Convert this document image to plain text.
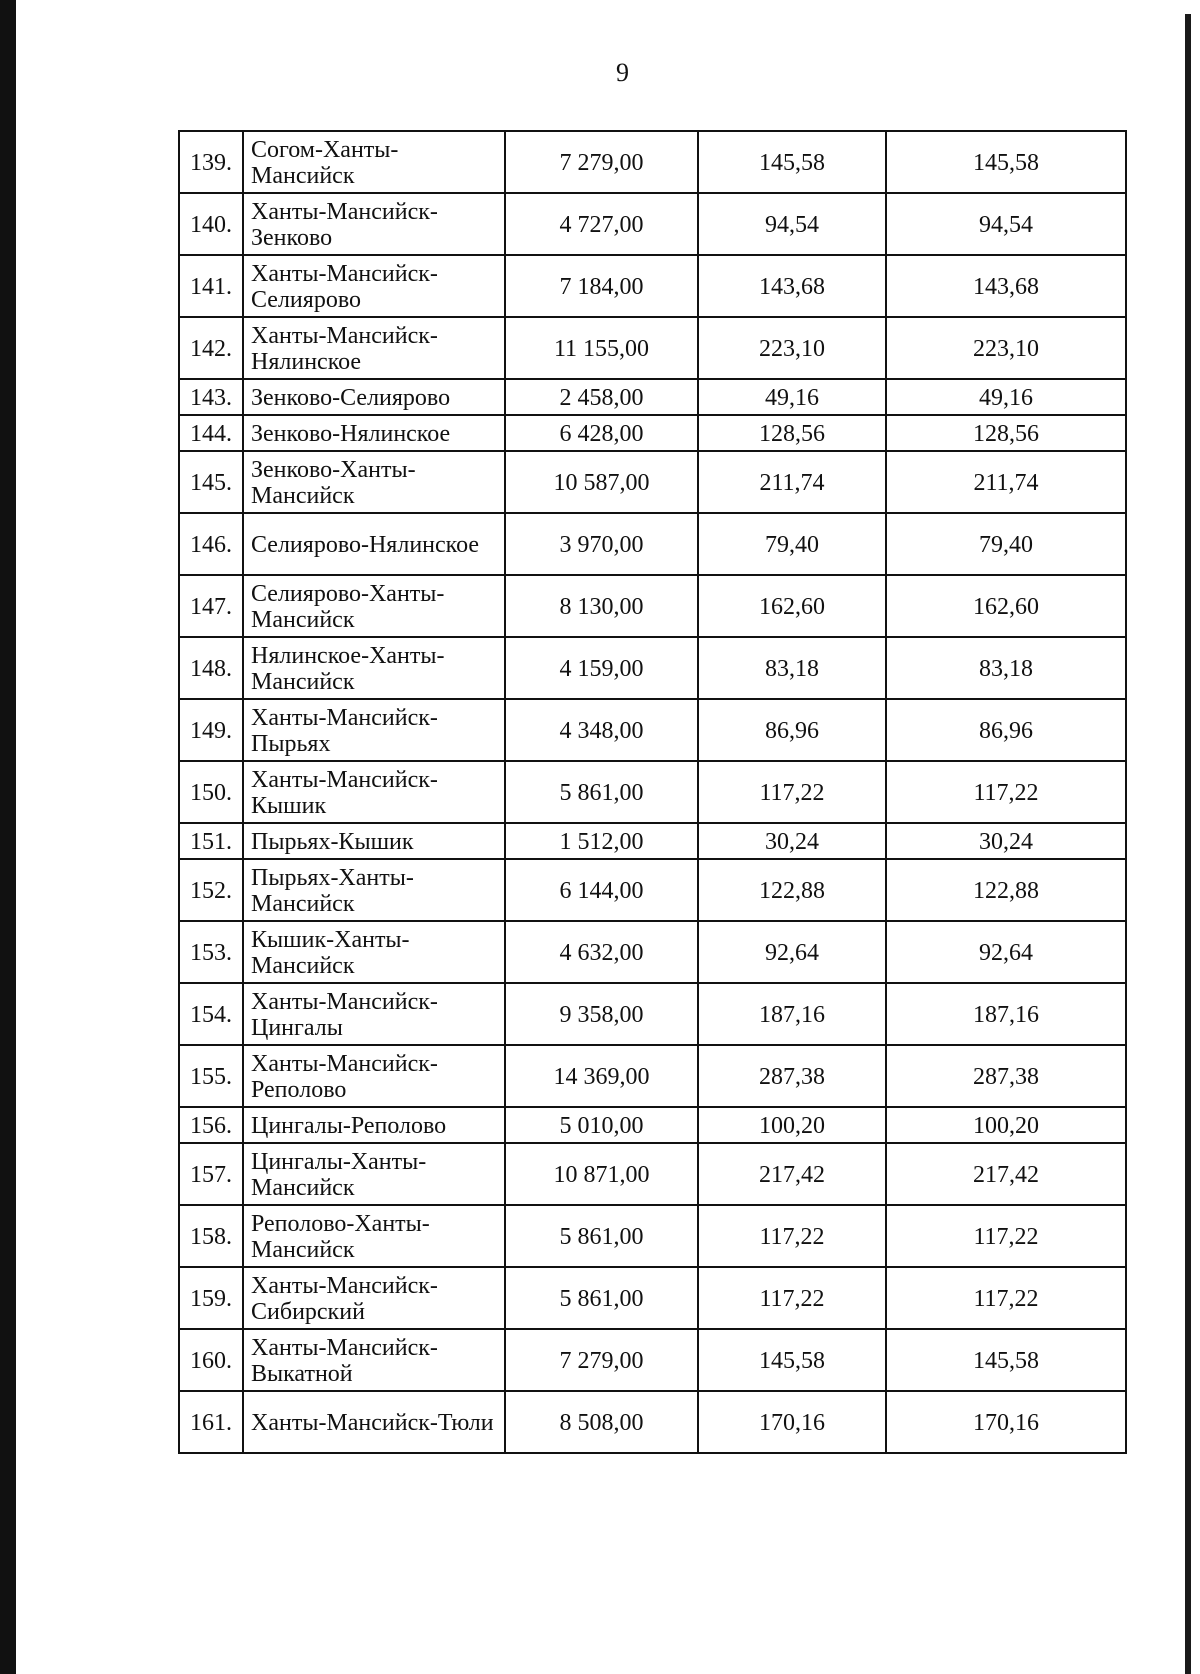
9
139.	Согом-Ханты-Мансийск	7 279,00	145,58	145,58
140.	Ханты-Мансийск-Зенково	4 727,00	94,54	94,54
141.	Ханты-Мансийск-Селиярово	7 184,00	143,68	143,68
142.	Ханты-Мансийск-Нялинское	11 155,00	223,10	223,10
143.	Зенково-Селиярово	2 458,00	49,16	49,16
144.	Зенково-Нялинское	6 428,00	128,56	128,56
145.	Зенково-Ханты-Мансийск	10 587,00	211,74	211,74
146.	Селиярово-Нялинское	3 970,00	79,40	79,40
147.	Селиярово-Ханты-Мансийск	8 130,00	162,60	162,60
148.	Нялинское-Ханты-Мансийск	4 159,00	83,18	83,18
149.	Ханты-Мансийск-Пырьях	4 348,00	86,96	86,96
150.	Ханты-Мансийск-Кышик	5 861,00	117,22	117,22
151.	Пырьях-Кышик	1 512,00	30,24	30,24
152.	Пырьях-Ханты-Мансийск	6 144,00	122,88	122,88
153.	Кышик-Ханты-Мансийск	4 632,00	92,64	92,64
154.	Ханты-Мансийск-Цингалы	9 358,00	187,16	187,16
155.	Ханты-Мансийск-Реполово	14 369,00	287,38	287,38
156.	Цингалы-Реполово	5 010,00	100,20	100,20
157.	Цингалы-Ханты-Мансийск	10 871,00	217,42	217,42
158.	Реполово-Ханты-Мансийск	5 861,00	117,22	117,22
159.	Ханты-Мансийск-Сибирский	5 861,00	117,22	117,22
160.	Ханты-Мансийск-Выкатной	7 279,00	145,58	145,58
161.	Ханты-Мансийск-Тюли	8 508,00	170,16	170,16
